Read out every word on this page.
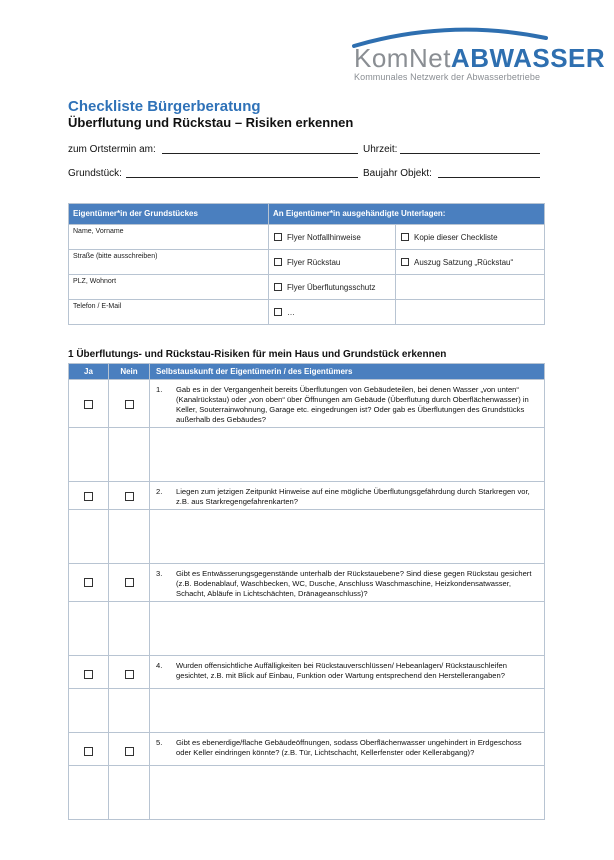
KomNetABWASSER
Kommunales Netzwerk der Abwasserbetriebe
Checkliste Bürgerberatung
Überflutung und Rückstau – Risiken erkennen
zum Ortstermin am:	Uhrzeit:
Grundstück:	Baujahr Objekt:
Eigentümer*in der Grundstückes	An Eigentümer*in ausgehändigte Unterlagen:	
Name, Vorname	Flyer Notfallhinweise	Kopie dieser Checkliste
Straße (bitte ausschreiben)	Flyer Rückstau	Auszug Satzung „Rückstau“
PLZ, Wohnort	Flyer Überflutungsschutz	
Telefon / E-Mail	…	
1 Überflutungs- und Rückstau-Risiken für mein Haus und Grundstück erkennen
Ja	Nein	Selbstauskunft der Eigentümerin / des Eigentümers
		1. Gab es in der Vergangenheit bereits Überflutungen von Gebäudeteilen, bei denen Wasser „von unten“ (Kanalrückstau) oder „von oben“ über Öffnungen am Gebäude (Überflutung durch Oberflächenwasser) in Keller, Souterrainwohnung, Garage etc. eingedrungen ist? Oder gab es Überflutungen des Grundstücks außerhalb des Gebäudes?

		2. Liegen zum jetzigen Zeitpunkt Hinweise auf eine mögliche Überflutungsgefährdung durch Starkregen vor, z.B. aus Starkregengefahrenkarten?

		3. Gibt es Entwässerungsgegenstände unterhalb der Rückstauebene? Sind diese gegen Rückstau gesichert (z.B. Bodenablauf, Waschbecken, WC, Dusche, Anschluss Waschmaschine, Heizkondensatwasser, Schacht, Abläufe in Lichtschächten, Dränageanschluss)?

		4. Wurden offensichtliche Auffälligkeiten bei Rückstauverschlüssen/ Hebeanlagen/ Rückstauschleifen gesichtet, z.B. mit Blick auf Einbau, Funktion oder Wartung entsprechend den Herstellerangaben?

		5. Gibt es ebenerdige/flache Gebäudeöffnungen, sodass Oberflächenwasser ungehindert in Erdgeschoss oder Keller eindringen könnte? (z.B. Tür, Lichtschacht, Kellerfenster oder Kellerabgang)?
